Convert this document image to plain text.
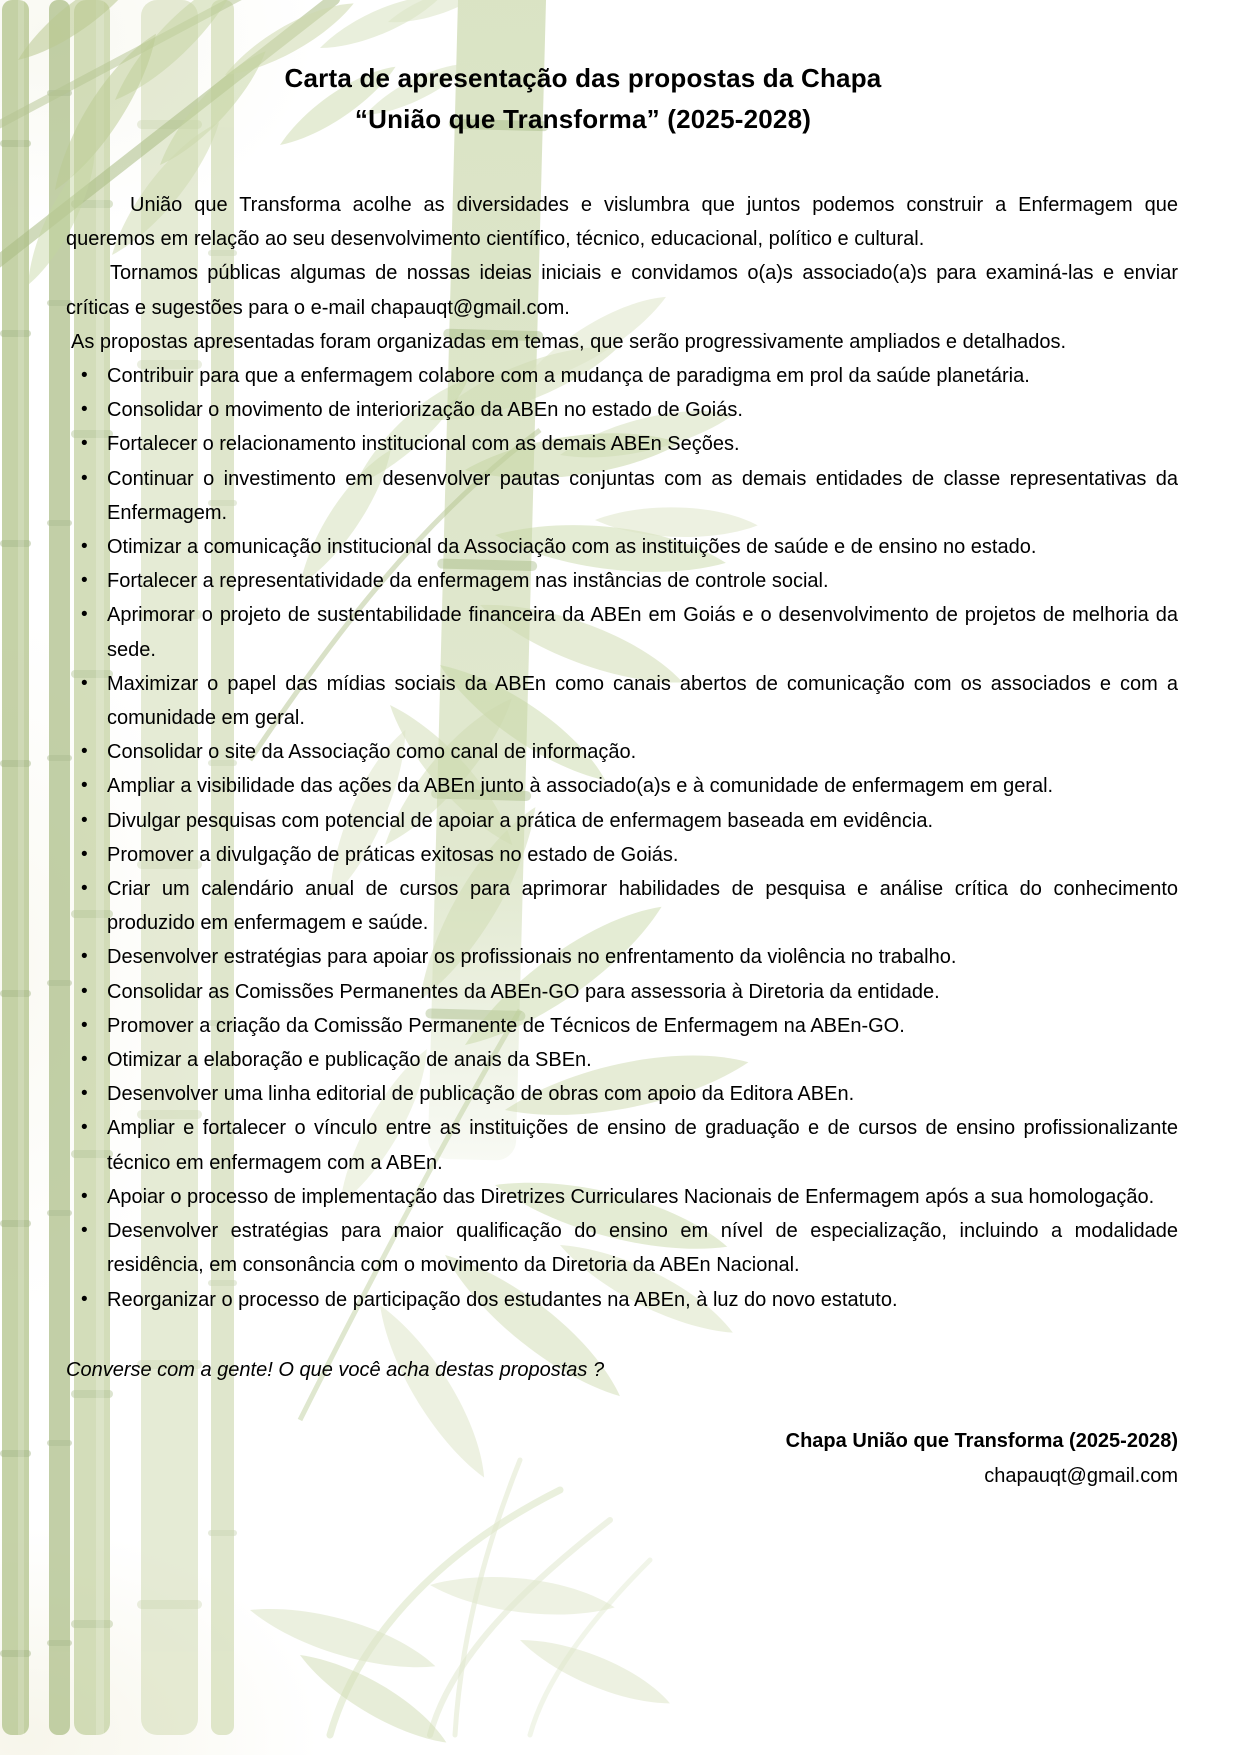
Carta de apresentação das propostas da Chapa
“União que Transforma” (2025-2028)

União que Transforma acolhe as diversidades e vislumbra que juntos podemos construir a Enfermagem que queremos em relação ao seu desenvolvimento científico, técnico, educacional, político e cultural.

Tornamos públicas algumas de nossas ideias iniciais e convidamos o(a)s associado(a)s para examiná-las e enviar críticas e sugestões para o e-mail chapauqt@gmail.com.

As propostas apresentadas foram organizadas em temas, que serão progressivamente ampliados e detalhados.

• Contribuir para que a enfermagem colabore com a mudança de paradigma em prol da saúde planetária.
• Consolidar o movimento de interiorização da ABEn no estado de Goiás.
• Fortalecer o relacionamento institucional com as demais ABEn Seções.
• Continuar o investimento em desenvolver pautas conjuntas com as demais entidades de classe representativas da Enfermagem.
• Otimizar a comunicação institucional da Associação com as instituições de saúde e de ensino no estado.
• Fortalecer a representatividade da enfermagem nas instâncias de controle social.
• Aprimorar o projeto de sustentabilidade financeira da ABEn em Goiás e o desenvolvimento de projetos de melhoria da sede.
• Maximizar o papel das mídias sociais da ABEn como canais abertos de comunicação com os associados e com a comunidade em geral.
• Consolidar o site da Associação como canal de informação.
• Ampliar a visibilidade das ações da ABEn junto à associado(a)s e à comunidade de enfermagem em geral.
• Divulgar pesquisas com potencial de apoiar a prática de enfermagem baseada em evidência.
• Promover a divulgação de práticas exitosas no estado de Goiás.
• Criar um calendário anual de cursos para aprimorar habilidades de pesquisa e análise crítica do conhecimento produzido em enfermagem e saúde.
• Desenvolver estratégias para apoiar os profissionais no enfrentamento da violência no trabalho.
• Consolidar as Comissões Permanentes da ABEn-GO para assessoria à Diretoria da entidade.
• Promover a criação da Comissão Permanente de Técnicos de Enfermagem na ABEn-GO.
• Otimizar a elaboração e publicação de anais da SBEn.
• Desenvolver uma linha editorial de publicação de obras com apoio da Editora ABEn.
• Ampliar e fortalecer o vínculo entre as instituições de ensino de graduação e de cursos de ensino profissionalizante técnico em enfermagem com a ABEn.
• Apoiar o processo de implementação das Diretrizes Curriculares Nacionais de Enfermagem após a sua homologação.
• Desenvolver estratégias para maior qualificação do ensino em nível de especialização, incluindo a modalidade residência, em consonância com o movimento da Diretoria da ABEn Nacional.
• Reorganizar o processo de participação dos estudantes na ABEn, à luz do novo estatuto.

Converse com a gente! O que você acha destas propostas ?

Chapa União que Transforma (2025-2028)
chapauqt@gmail.com
